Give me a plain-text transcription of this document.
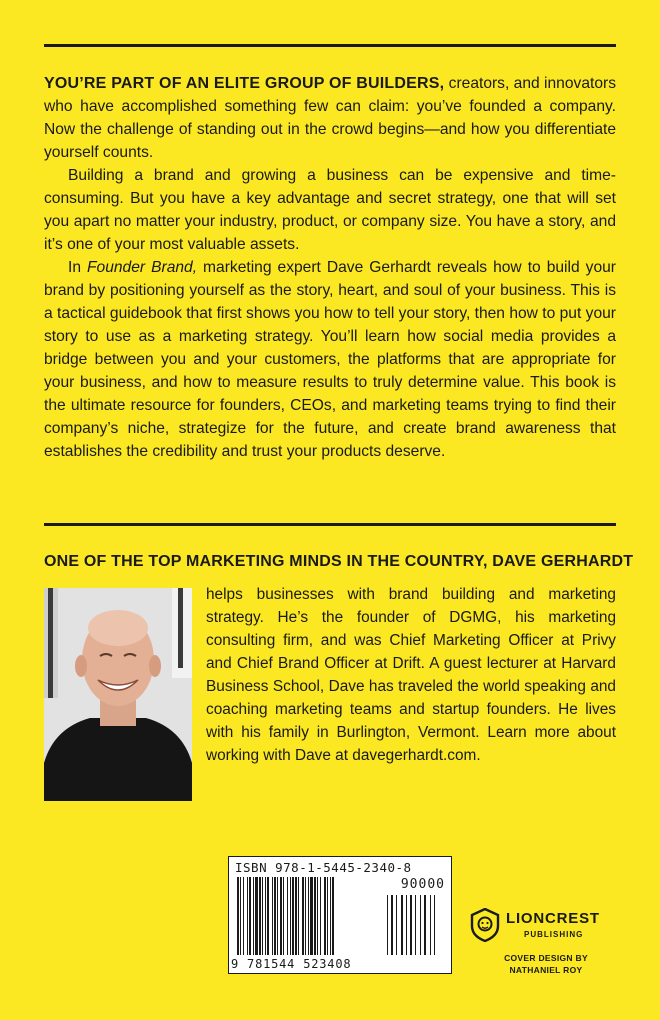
YOU’RE PART OF AN ELITE GROUP OF BUILDERS, creators, and innovators who have accomplished something few can claim: you’ve founded a company. Now the challenge of standing out in the crowd begins—and how you differentiate yourself counts.

Building a brand and growing a business can be expensive and time-consuming. But you have a key advantage and secret strategy, one that will set you apart no matter your industry, product, or company size. You have a story, and it’s one of your most valuable assets.

In Founder Brand, marketing expert Dave Gerhardt reveals how to build your brand by positioning yourself as the story, heart, and soul of your business. This is a tactical guidebook that first shows you how to tell your story, then how to put your story to use as a marketing strategy. You’ll learn how social media provides a bridge between you and your customers, the platforms that are appropriate for your business, and how to measure results to truly determine value. This book is the ultimate resource for founders, CEOs, and marketing teams trying to find their company’s niche, strategize for the future, and create brand awareness that establishes the credibility and trust your products deserve.

ONE OF THE TOP MARKETING MINDS IN THE COUNTRY, DAVE GERHARDT

helps businesses with brand building and marketing strategy. He’s the founder of DGMG, his marketing consulting firm, and was Chief Marketing Officer at Privy and Chief Brand Officer at Drift. A guest lecturer at Harvard Business School, Dave has traveled the world speaking and coaching marketing teams and startup founders. He lives with his family in Burlington, Vermont. Learn more about working with Dave at davegerhardt.com.

ISBN 978-1-5445-2340-8
90000
9 781544 523408
LIONCREST
PUBLISHING
COVER DESIGN BY
NATHANIEL ROY
